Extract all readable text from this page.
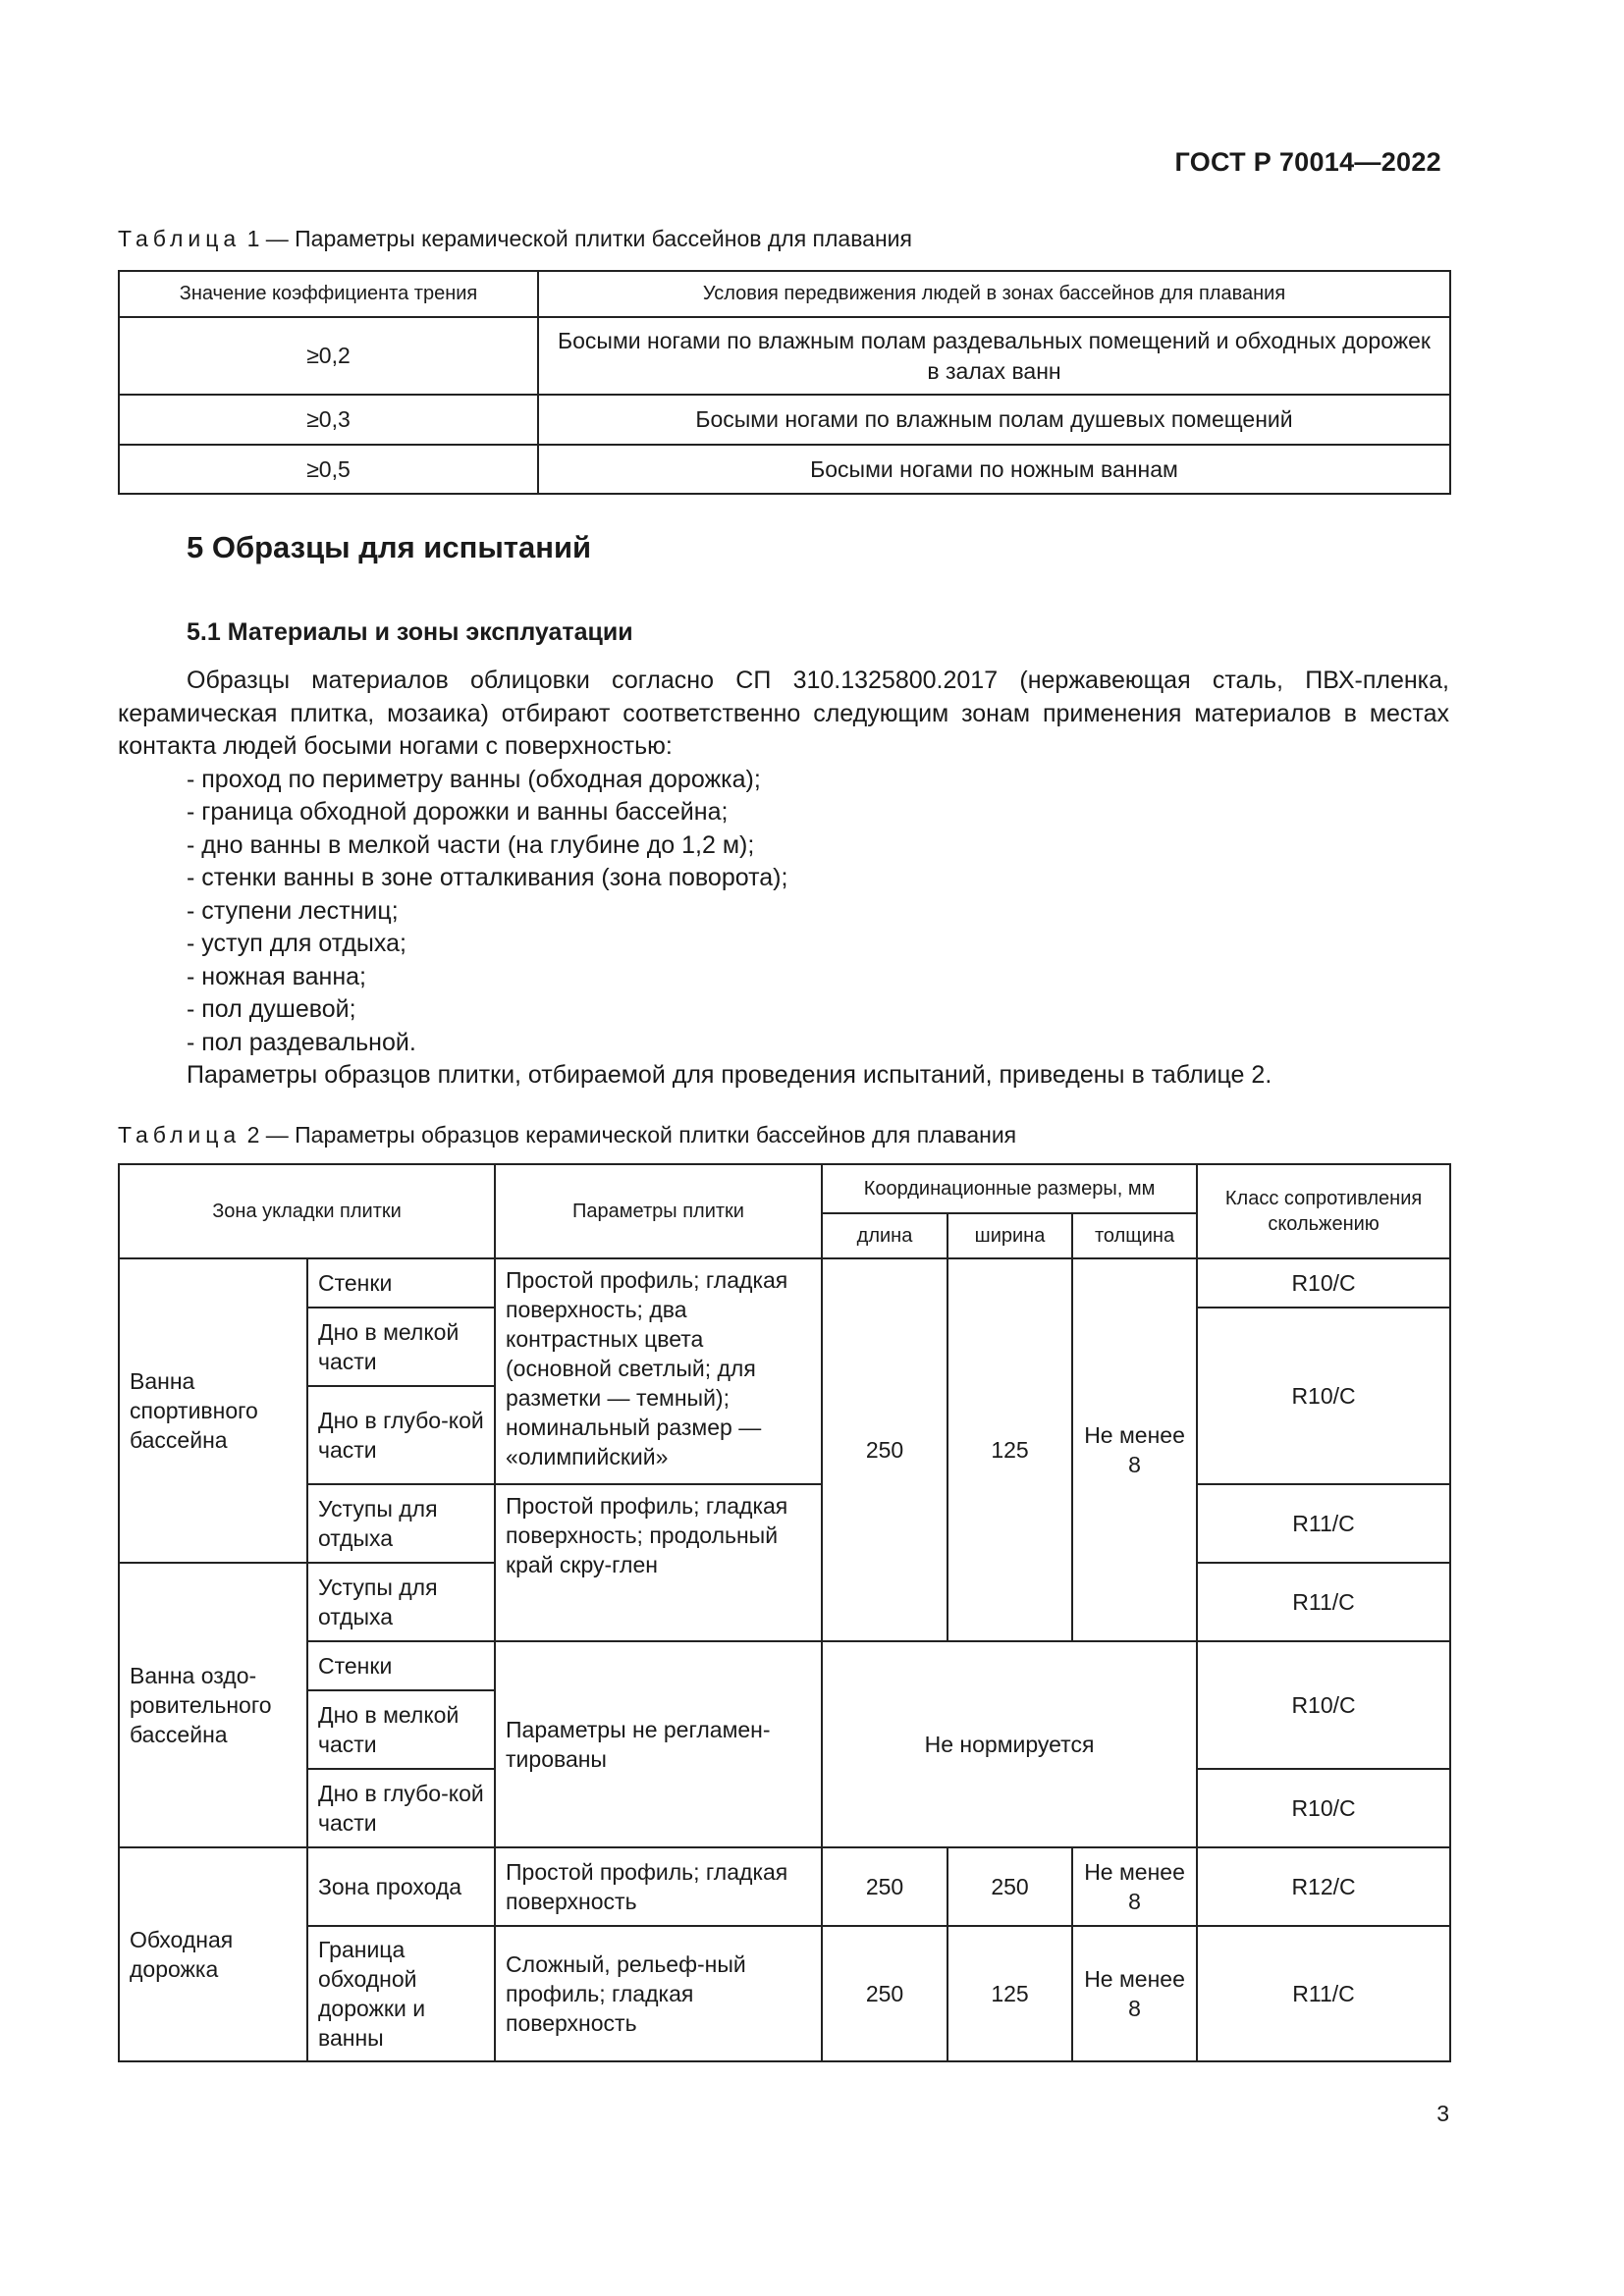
ГОСТ Р 70014—2022
Таблица 1 — Параметры керамической плитки бассейнов для плавания
Значение коэффициента трения	Условия передвижения людей в зонах бассейнов для плавания
≥0,2	Босыми ногами по влажным полам раздевальных помещений и обходных дорожек в залах ванн
≥0,3	Босыми ногами по влажным полам душевых помещений
≥0,5	Босыми ногами по ножным ваннам
5 Образцы для испытаний
5.1 Материалы и зоны эксплуатации

Образцы материалов облицовки согласно СП 310.1325800.2017 (нержавеющая сталь, ПВХ-пленка, керамическая плитка, мозаика) отбирают соответственно следующим зонам применения материалов в местах контакта людей босыми ногами с поверхностью:

- проход по периметру ванны (обходная дорожка);
- граница обходной дорожки и ванны бассейна;
- дно ванны в мелкой части (на глубине до 1,2 м);
- стенки ванны в зоне отталкивания (зона поворота);
- ступени лестниц;
- уступ для отдыха;
- ножная ванна;
- пол душевой;
- пол раздевальной.

Параметры образцов плитки, отбираемой для проведения испытаний, приведены в таблице 2.

Таблица 2 — Параметры образцов керамической плитки бассейнов для плавания
Зона укладки плитки		Параметры плитки	Координационные размеры, мм			Класс сопротивления скольжению
			длина	ширина	толщина	
Ванна спортивного бассейна	Стенки	Простой профиль; гладкая поверхность; два контрастных цвета (основной светлый; для разметки — темный); номинальный размер — «олимпийский»	250	125	Не менее 8	R10/C
	Дно в мелкой части					R10/C
	Дно в глубо-кой части					
	Уступы для отдыха	Простой профиль; гладкая поверхность; продольный край скру-глен				R11/C
Ванна оздо-ровительного бассейна	Уступы для отдыха					R11/C
	Стенки	Параметры не регламен-тированы	Не нормируется			R10/C
	Дно в мелкой части					
	Дно в глубо-кой части					R10/C
Обходная дорожка	Зона прохода	Простой профиль; гладкая поверхность	250	250	Не менее 8	R12/C
	Граница обходной дорожки и ванны	Сложный, рельеф-ный профиль; гладкая поверхность	250	125	Не менее 8	R11/C
3
